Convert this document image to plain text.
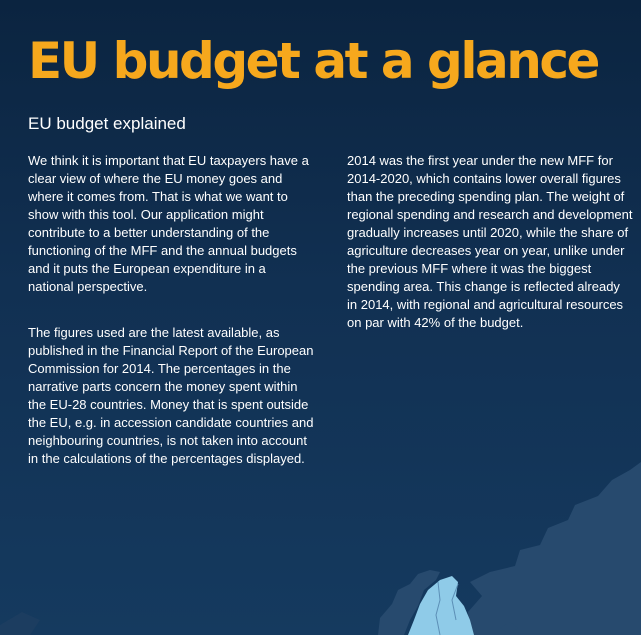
EU budget at a glance
EU budget explained

We think it is important that EU taxpayers have a clear view of where the EU money goes and where it comes from. That is what we want to show with this tool. Our application might contribute to a better understanding of the functioning of the MFF and the annual budgets and it puts the European expenditure in a national perspective.

The figures used are the latest available, as published in the Financial Report of the European Commission for 2014. The percentages in the narrative parts concern the money spent within the EU-28 countries. Money that is spent outside the EU, e.g. in accession candidate countries and neighbouring countries, is not taken into account in the calculations of the percentages displayed.

2014 was the first year under the new MFF for 2014-2020, which contains lower overall figures than the preceding spending plan. The weight of regional spending and research and development gradually increases until 2020, while the share of agriculture decreases year on year, unlike under the previous MFF where it was the biggest spending area. This change is reflected already in 2014, with regional and agricultural resources on par with 42% of the budget.
